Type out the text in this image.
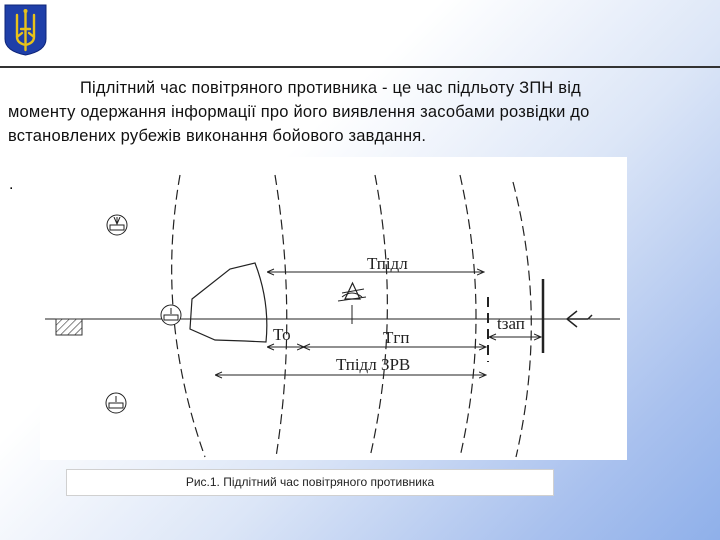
Підлітний час повітряного противника - це час підльоту ЗПН від
моменту одержання інформації про його виявлення засобами розвідки до
встановлених рубежів виконання бойового завдання.
.
Тпідл
То	Тгп
Тпідл ЗРВ
tзап
Рис.1. Підлітний час повітряного противника
